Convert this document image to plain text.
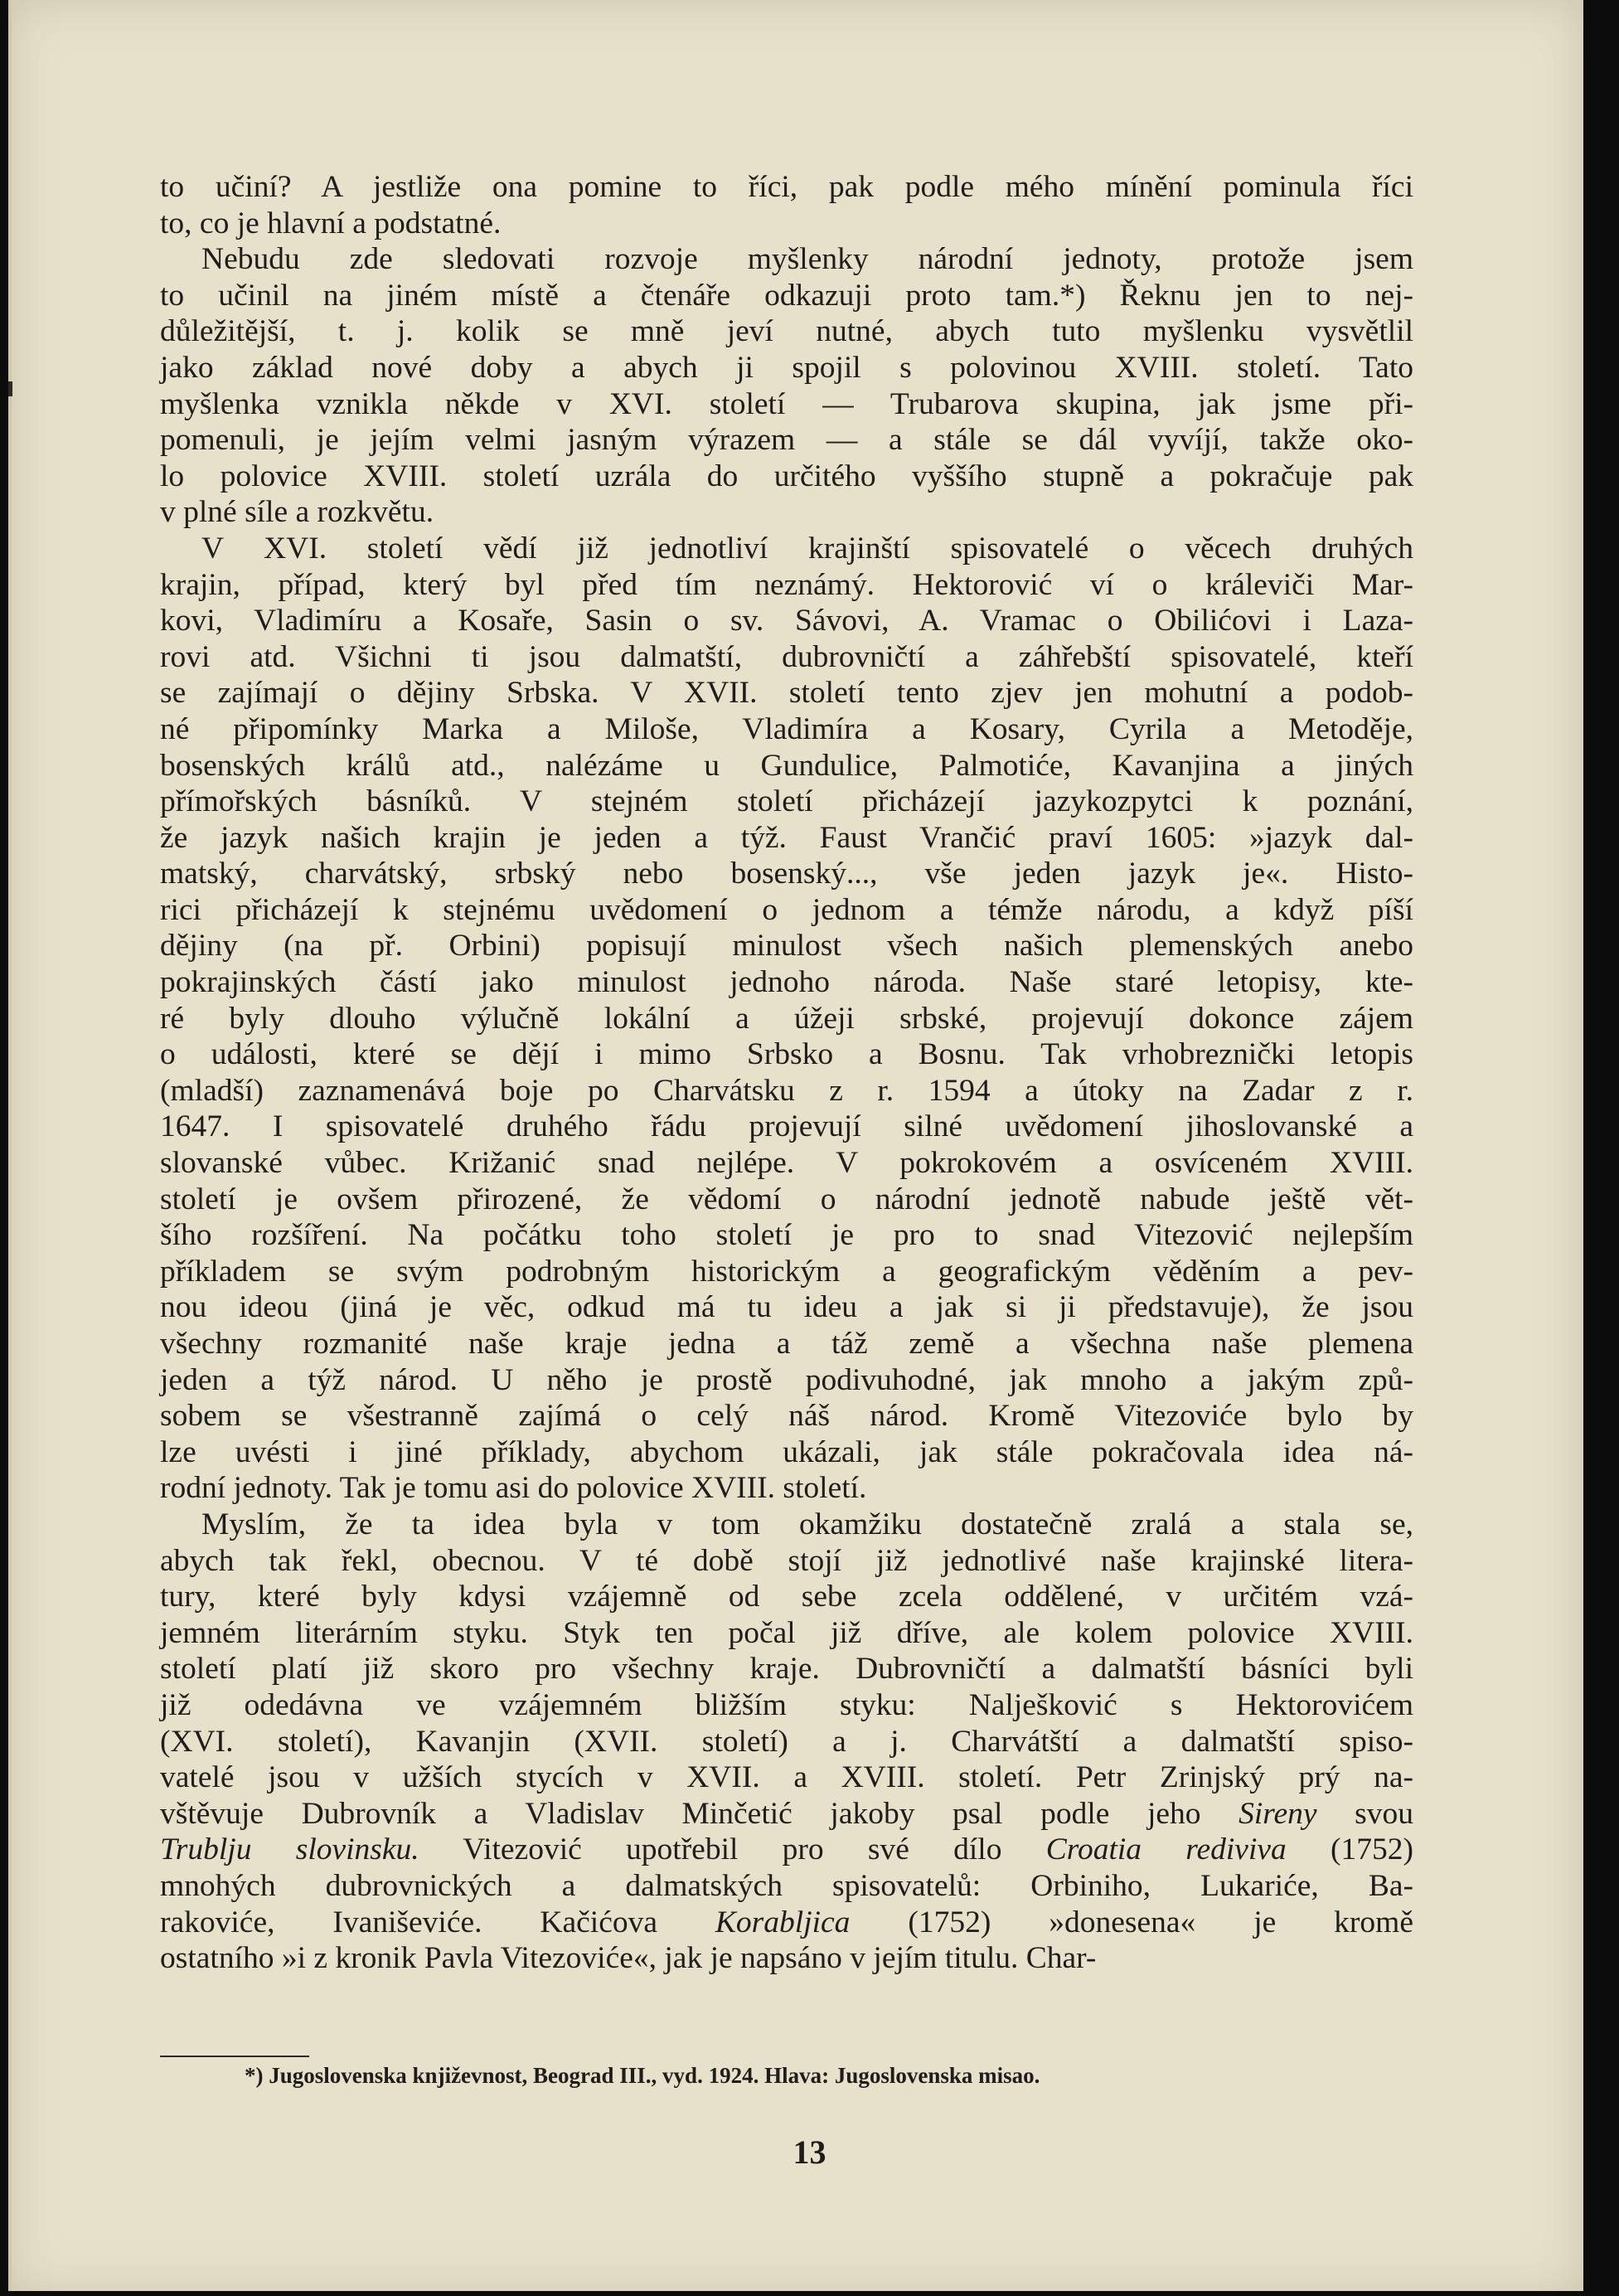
to učiní? A jestliže ona pomine to říci, pak podle mého mínění pominula říci
to, co je hlavní a podstatné.
Nebudu zde sledovati rozvoje myšlenky národní jednoty, protože jsem
to učinil na jiném místě a čtenáře odkazuji proto tam.*) Řeknu jen to nej-
důležitější, t. j. kolik se mně jeví nutné, abych tuto myšlenku vysvětlil
jako základ nové doby a abych ji spojil s polovinou XVIII. století. Tato
myšlenka vznikla někde v XVI. století — Trubarova skupina, jak jsme při-
pomenuli, je jejím velmi jasným výrazem — a stále se dál vyvíjí, takže oko-
lo polovice XVIII. století uzrála do určitého vyššího stupně a pokračuje pak
v plné síle a rozkvětu.
V XVI. století vědí již jednotliví krajinští spisovatelé o věcech druhých
krajin, případ, který byl před tím neznámý. Hektorović ví o králeviči Mar-
kovi, Vladimíru a Kosaře, Sasin o sv. Sávovi, A. Vramac o Obilićovi i Laza-
rovi atd. Všichni ti jsou dalmatští, dubrovničtí a záhřebští spisovatelé, kteří
se zajímají o dějiny Srbska. V XVII. století tento zjev jen mohutní a podob-
né připomínky Marka a Miloše, Vladimíra a Kosary, Cyrila a Metoděje,
bosenských králů atd., nalézáme u Gundulice, Palmotiće, Kavanjina a jiných
přímořských básníků. V stejném století přicházejí jazykozpytci k poznání,
že jazyk našich krajin je jeden a týž. Faust Vrančić praví 1605: »jazyk dal-
matský, charvátský, srbský nebo bosenský..., vše jeden jazyk je«. Histo-
rici přicházejí k stejnému uvědomení o jednom a témže národu, a když píší
dějiny (na př. Orbini) popisují minulost všech našich plemenských anebo
pokrajinských částí jako minulost jednoho národa. Naše staré letopisy, kte-
ré byly dlouho výlučně lokální a úžeji srbské, projevují dokonce zájem
o události, které se dějí i mimo Srbsko a Bosnu. Tak vrhobreznički letopis
(mladší) zaznamenává boje po Charvátsku z r. 1594 a útoky na Zadar z r.
1647. I spisovatelé druhého řádu projevují silné uvědomení jihoslovanské a
slovanské vůbec. Križanić snad nejlépe. V pokrokovém a osvíceném XVIII.
století je ovšem přirozené, že vědomí o národní jednotě nabude ještě vět-
šího rozšíření. Na počátku toho století je pro to snad Vitezović nejlepším
příkladem se svým podrobným historickým a geografickým věděním a pev-
nou ideou (jiná je věc, odkud má tu ideu a jak si ji představuje), že jsou
všechny rozmanité naše kraje jedna a táž země a všechna naše plemena
jeden a týž národ. U něho je prostě podivuhodné, jak mnoho a jakým způ-
sobem se všestranně zajímá o celý náš národ. Kromě Vitezoviće bylo by
lze uvésti i jiné příklady, abychom ukázali, jak stále pokračovala idea ná-
rodní jednoty. Tak je tomu asi do polovice XVIII. století.
Myslím, že ta idea byla v tom okamžiku dostatečně zralá a stala se,
abych tak řekl, obecnou. V té době stojí již jednotlivé naše krajinské litera-
tury, které byly kdysi vzájemně od sebe zcela oddělené, v určitém vzá-
jemném literárním styku. Styk ten počal již dříve, ale kolem polovice XVIII.
století platí již skoro pro všechny kraje. Dubrovničtí a dalmatští básníci byli
již odedávna ve vzájemném bližším styku: Nalješković s Hektorovićem
(XVI. století), Kavanjin (XVII. století) a j. Charvátští a dalmatští spiso-
vatelé jsou v užších stycích v XVII. a XVIII. století. Petr Zrinjský prý na-
vštěvuje Dubrovník a Vladislav Minčetić jakoby psal podle jeho Sireny svou
Trublju slovinsku. Vitezović upotřebil pro své dílo Croatia rediviva (1752)
mnohých dubrovnických a dalmatských spisovatelů: Orbiniho, Lukariće, Ba-
rakoviće, Ivaniševiće. Kačićova Korabljica (1752) »donesena« je kromě
ostatního »i z kronik Pavla Vitezoviće«, jak je napsáno v jejím titulu. Char-
*) Jugoslovenska književnost, Beograd III., vyd. 1924. Hlava: Jugoslovenska misao.
13
